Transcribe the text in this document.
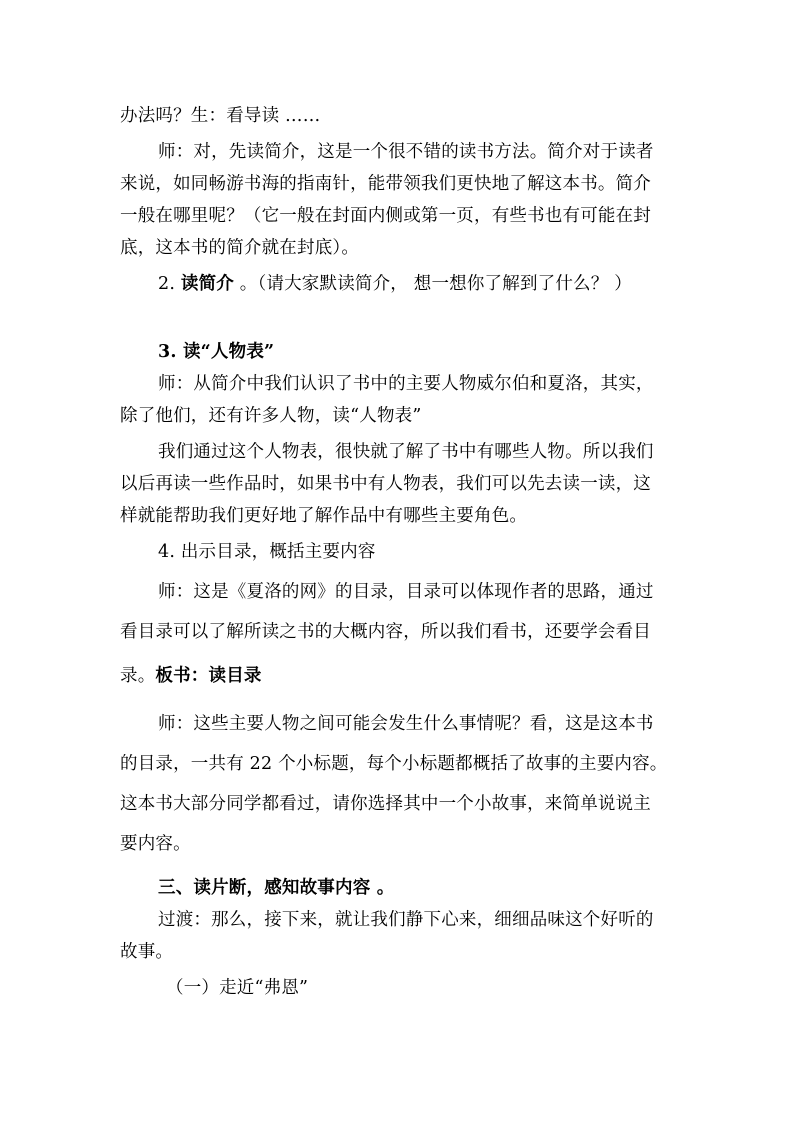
办法吗？生：看导读 ……
师：对，先读简介，这是一个很不错的读书方法。简介对于读者
来说，如同畅游书海的指南针，能带领我们更快地了解这本书。简介
一般在哪里呢？（它一般在封面内侧或第一页，有些书也有可能在封
底，这本书的简介就在封底）。
2. 读简介 。（请大家默读简介， 想一想你了解到了什么？ ）
3. 读“人物表”
师：从简介中我们认识了书中的主要人物威尔伯和夏洛，其实，
除了他们，还有许多人物，读“人物表”
我们通过这个人物表，很快就了解了书中有哪些人物。所以我们
以后再读一些作品时，如果书中有人物表，我们可以先去读一读，这
样就能帮助我们更好地了解作品中有哪些主要角色。
4. 出示目录，概括主要内容
师：这是《夏洛的网》的目录，目录可以体现作者的思路，通过
看目录可以了解所读之书的大概内容，所以我们看书，还要学会看目
录。板书：读目录
师：这些主要人物之间可能会发生什么事情呢？看，这是这本书
的目录，一共有 22 个小标题，每个小标题都概括了故事的主要内容。
这本书大部分同学都看过，请你选择其中一个小故事，来简单说说主
要内容。
三、读片断，感知故事内容 。
过渡：那么，接下来，就让我们静下心来，细细品味这个好听的
故事。
（一）走近“弗恩”
